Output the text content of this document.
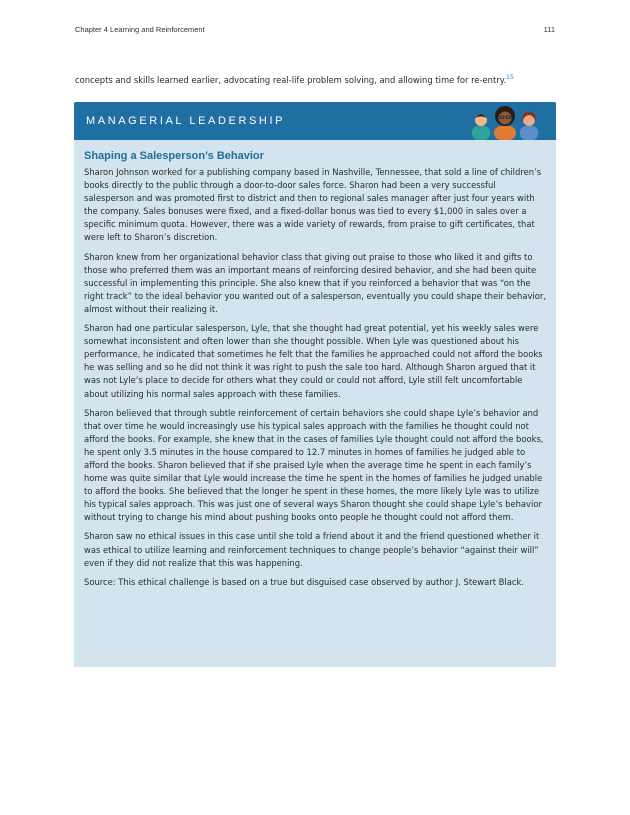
Chapter 4 Learning and Reinforcement	111

concepts and skills learned earlier, advocating real-life problem solving, and allowing time for re-entry.$^{15}$

MANAGERIAL LEADERSHIP
Shaping a Salesperson’s Behavior

Sharon Johnson worked for a publishing company based in Nashville, Tennessee, that sold a line of children’s books directly to the public through a door-to-door sales force. Sharon had been a very successful salesperson and was promoted first to district and then to regional sales manager after just four years with the company. Sales bonuses were fixed, and a fixed-dollar bonus was tied to every $1,000 in sales over a specific minimum quota. However, there was a wide variety of rewards, from praise to gift certificates, that were left to Sharon’s discretion.

Sharon knew from her organizational behavior class that giving out praise to those who liked it and gifts to those who preferred them was an important means of reinforcing desired behavior, and she had been quite successful in implementing this principle. She also knew that if you reinforced a behavior that was “on the right track” to the ideal behavior you wanted out of a salesperson, eventually you could shape their behavior, almost without their realizing it.

Sharon had one particular salesperson, Lyle, that she thought had great potential, yet his weekly sales were somewhat inconsistent and often lower than she thought possible. When Lyle was questioned about his performance, he indicated that sometimes he felt that the families he approached could not afford the books he was selling and so he did not think it was right to push the sale too hard. Although Sharon argued that it was not Lyle’s place to decide for others what they could or could not afford, Lyle still felt uncomfortable about utilizing his normal sales approach with these families.

Sharon believed that through subtle reinforcement of certain behaviors she could shape Lyle’s behavior and that over time he would increasingly use his typical sales approach with the families he thought could not afford the books. For example, she knew that in the cases of families Lyle thought could not afford the books, he spent only 3.5 minutes in the house compared to 12.7 minutes in homes of families he judged able to afford the books. Sharon believed that if she praised Lyle when the average time he spent in each family’s home was quite similar that Lyle would increase the time he spent in the homes of families he judged unable to afford the books. She believed that the longer he spent in these homes, the more likely Lyle was to utilize his typical sales approach. This was just one of several ways Sharon thought she could shape Lyle’s behavior without trying to change his mind about pushing books onto people he thought could not afford them.

Sharon saw no ethical issues in this case until she told a friend about it and the friend questioned whether it was ethical to utilize learning and reinforcement techniques to change people’s behavior “against their will” even if they did not realize that this was happening.

Source: This ethical challenge is based on a true but disguised case observed by author J. Stewart Black.
